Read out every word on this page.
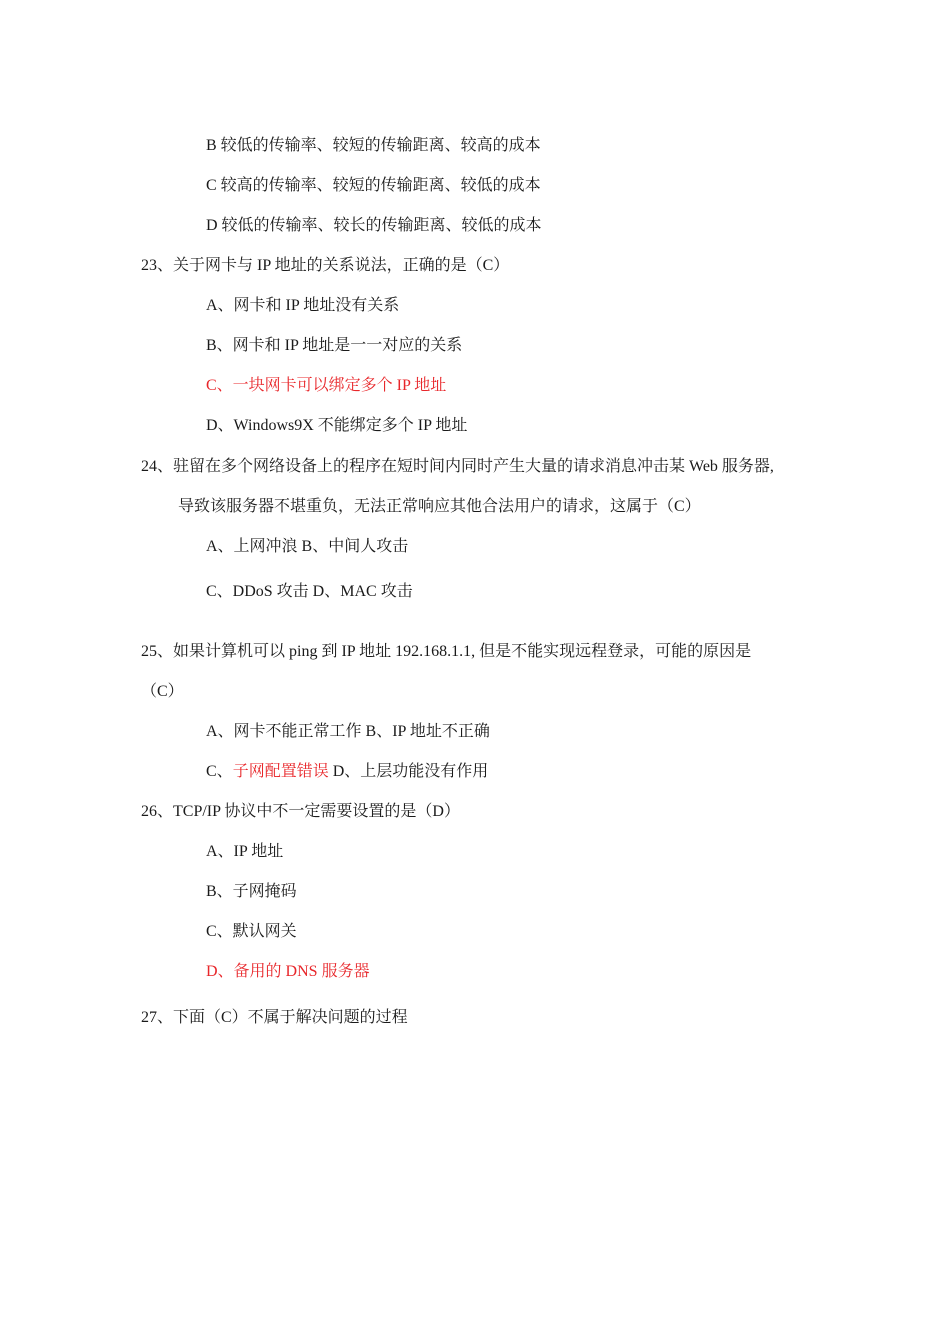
B 较低的传输率、较短的传输距离、较高的成本
C 较高的传输率、较短的传输距离、较低的成本
D 较低的传输率、较长的传输距离、较低的成本
23、关于网卡与 IP 地址的关系说法，正确的是（C）
A、网卡和 IP 地址没有关系
B、网卡和 IP 地址是一一对应的关系
C、一块网卡可以绑定多个 IP 地址
D、Windows9X 不能绑定多个 IP 地址
24、驻留在多个网络设备上的程序在短时间内同时产生大量的请求消息冲击某 Web 服务器,
导致该服务器不堪重负，无法正常响应其他合法用户的请求，这属于（C）
A、上网冲浪 B、中间人攻击
C、DDoS 攻击 D、MAC 攻击
25、如果计算机可以 ping 到 IP 地址 192.168.1.1, 但是不能实现远程登录，可能的原因是
（C）
A、网卡不能正常工作 B、IP 地址不正确
C、子网配置错误 D、上层功能没有作用
26、TCP/IP 协议中不一定需要设置的是（D）
A、IP 地址
B、子网掩码
C、默认网关
D、备用的 DNS 服务器
27、下面（C）不属于解决问题的过程
